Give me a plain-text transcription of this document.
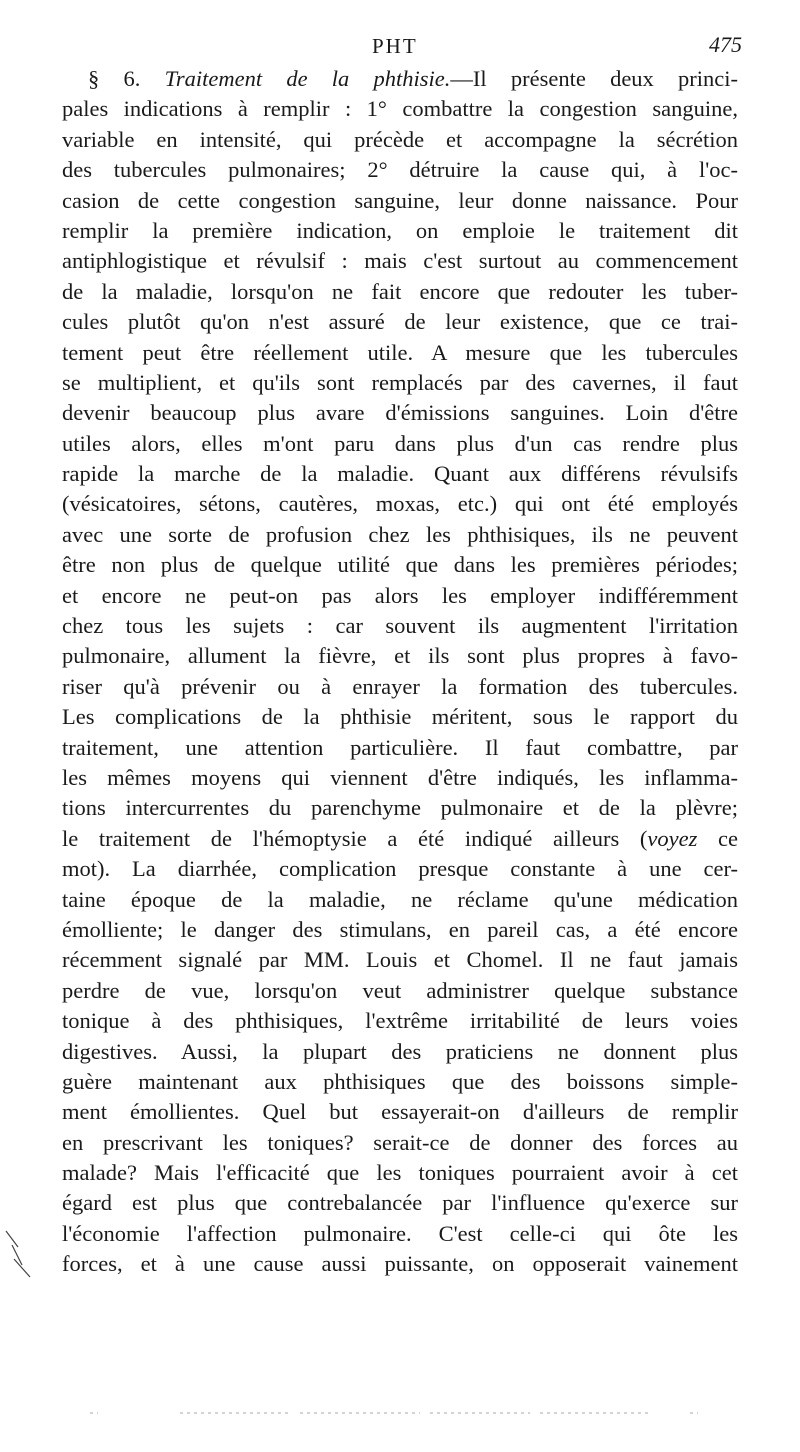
PHT	475
§ 6. Traitement de la phthisie.—Il présente deux princi-
pales indications à remplir : 1° combattre la congestion sanguine,
variable en intensité, qui précède et accompagne la sécrétion
des tubercules pulmonaires; 2° détruire la cause qui, à l'oc-
casion de cette congestion sanguine, leur donne naissance. Pour
remplir la première indication, on emploie le traitement dit
antiphlogistique et révulsif : mais c'est surtout au commencement
de la maladie, lorsqu'on ne fait encore que redouter les tuber-
cules plutôt qu'on n'est assuré de leur existence, que ce trai-
tement peut être réellement utile. A mesure que les tubercules
se multiplient, et qu'ils sont remplacés par des cavernes, il faut
devenir beaucoup plus avare d'émissions sanguines. Loin d'être
utiles alors, elles m'ont paru dans plus d'un cas rendre plus
rapide la marche de la maladie. Quant aux différens révulsifs
(vésicatoires, sétons, cautères, moxas, etc.) qui ont été employés
avec une sorte de profusion chez les phthisiques, ils ne peuvent
être non plus de quelque utilité que dans les premières périodes;
et encore ne peut-on pas alors les employer indifféremment
chez tous les sujets : car souvent ils augmentent l'irritation
pulmonaire, allument la fièvre, et ils sont plus propres à favo-
riser qu'à prévenir ou à enrayer la formation des tubercules.
Les complications de la phthisie méritent, sous le rapport du
traitement, une attention particulière. Il faut combattre, par
les mêmes moyens qui viennent d'être indiqués, les inflamma-
tions intercurrentes du parenchyme pulmonaire et de la plèvre;
le traitement de l'hémoptysie a été indiqué ailleurs (voyez ce
mot). La diarrhée, complication presque constante à une cer-
taine époque de la maladie, ne réclame qu'une médication
émolliente; le danger des stimulans, en pareil cas, a été encore
récemment signalé par MM. Louis et Chomel. Il ne faut jamais
perdre de vue, lorsqu'on veut administrer quelque substance
tonique à des phthisiques, l'extrême irritabilité de leurs voies
digestives. Aussi, la plupart des praticiens ne donnent plus
guère maintenant aux phthisiques que des boissons simple-
ment émollientes. Quel but essayerait-on d'ailleurs de remplir
en prescrivant les toniques? serait-ce de donner des forces au
malade? Mais l'efficacité que les toniques pourraient avoir à cet
égard est plus que contrebalancée par l'influence qu'exerce sur
l'économie l'affection pulmonaire. C'est celle-ci qui ôte les
forces, et à une cause aussi puissante, on opposerait vainement
